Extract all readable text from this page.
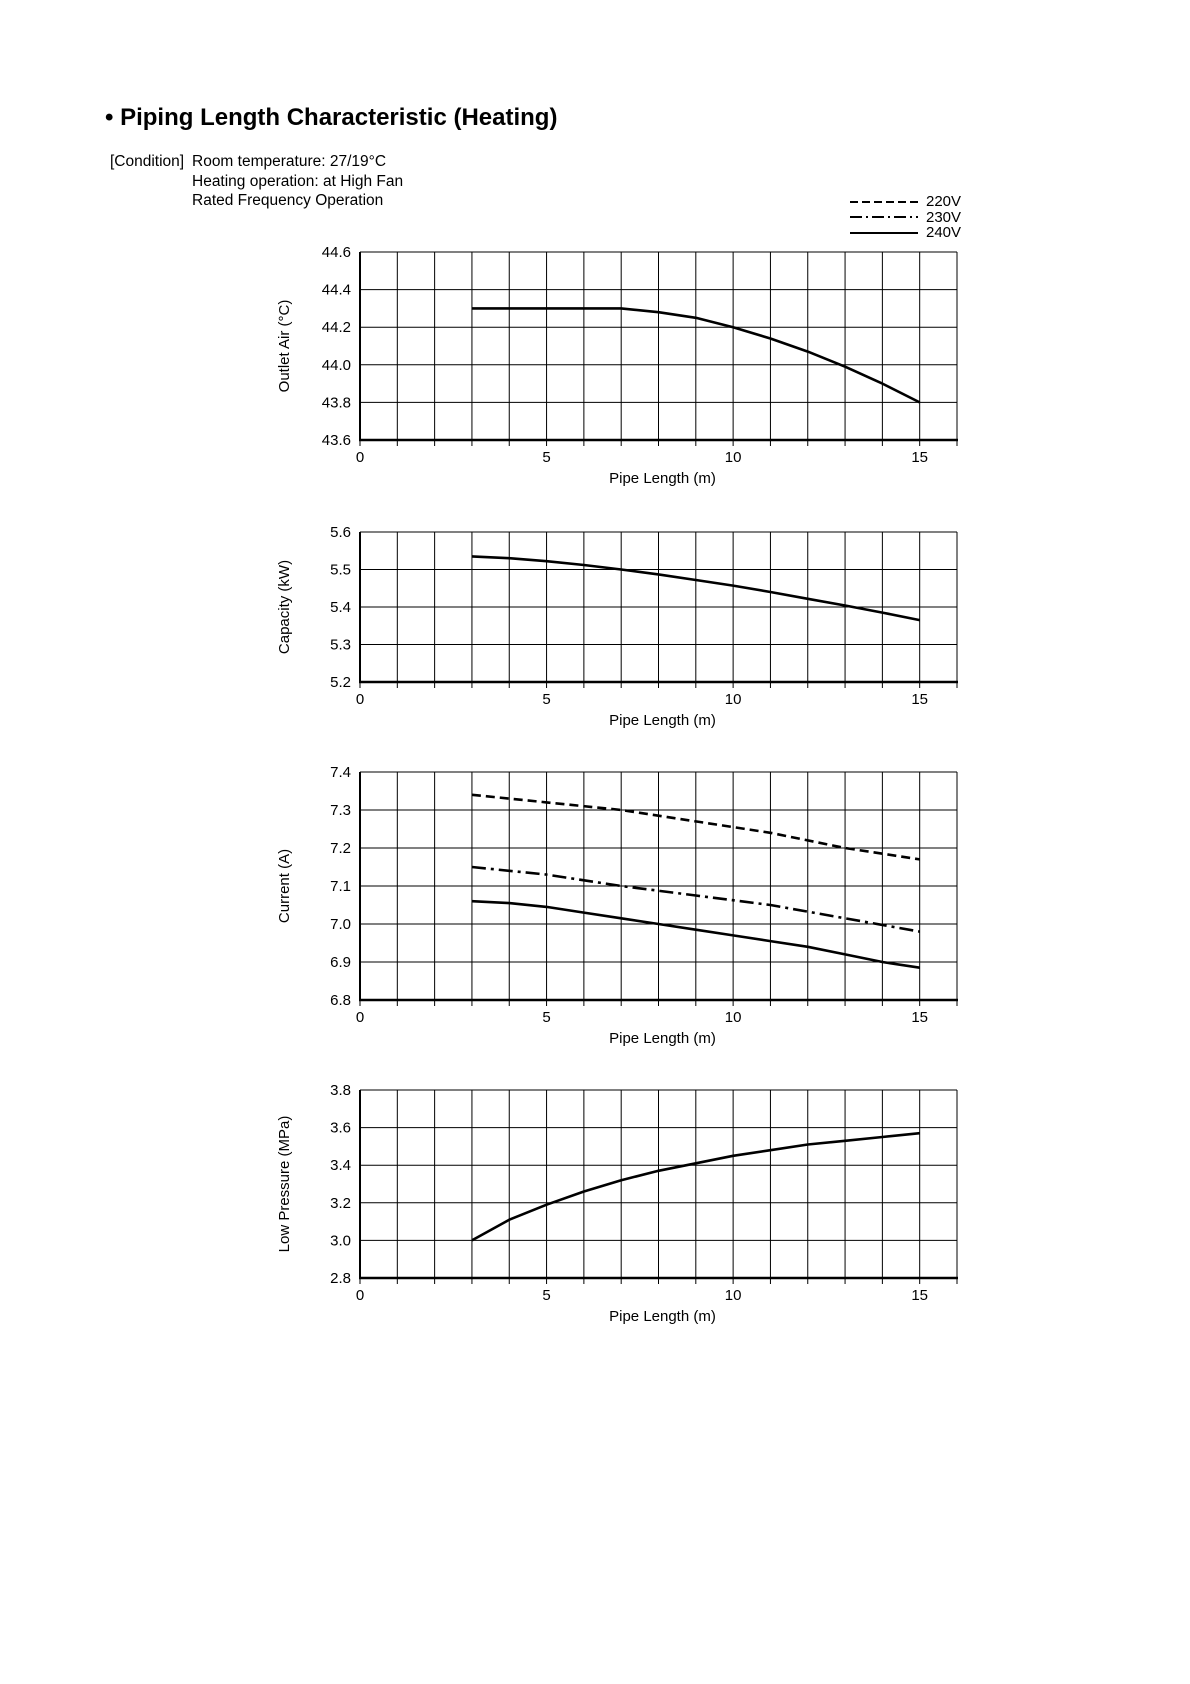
• Piping Length Characteristic (Heating)
[Condition] Room temperature: 27/19°C
Heating operation: at High Fan
Rated Frequency Operation	220V
230V
240V
43.6
43.8
44.0
44.2
44.4
44.6
0	5	10	15
Pipe Length (m)
Outlet Air (°C)
5.2
5.3
5.4
5.5
5.6
0	5	10	15
Pipe Length (m)
Capacity (kW)
6.8
6.9
7.0
7.1
7.2
7.3
7.4
0	5	10	15
Pipe Length (m)
Current (A)
2.8
3.0
3.2
3.4
3.6
3.8
0	5	10	15
Pipe Length (m)
Low Pressure (MPa)
